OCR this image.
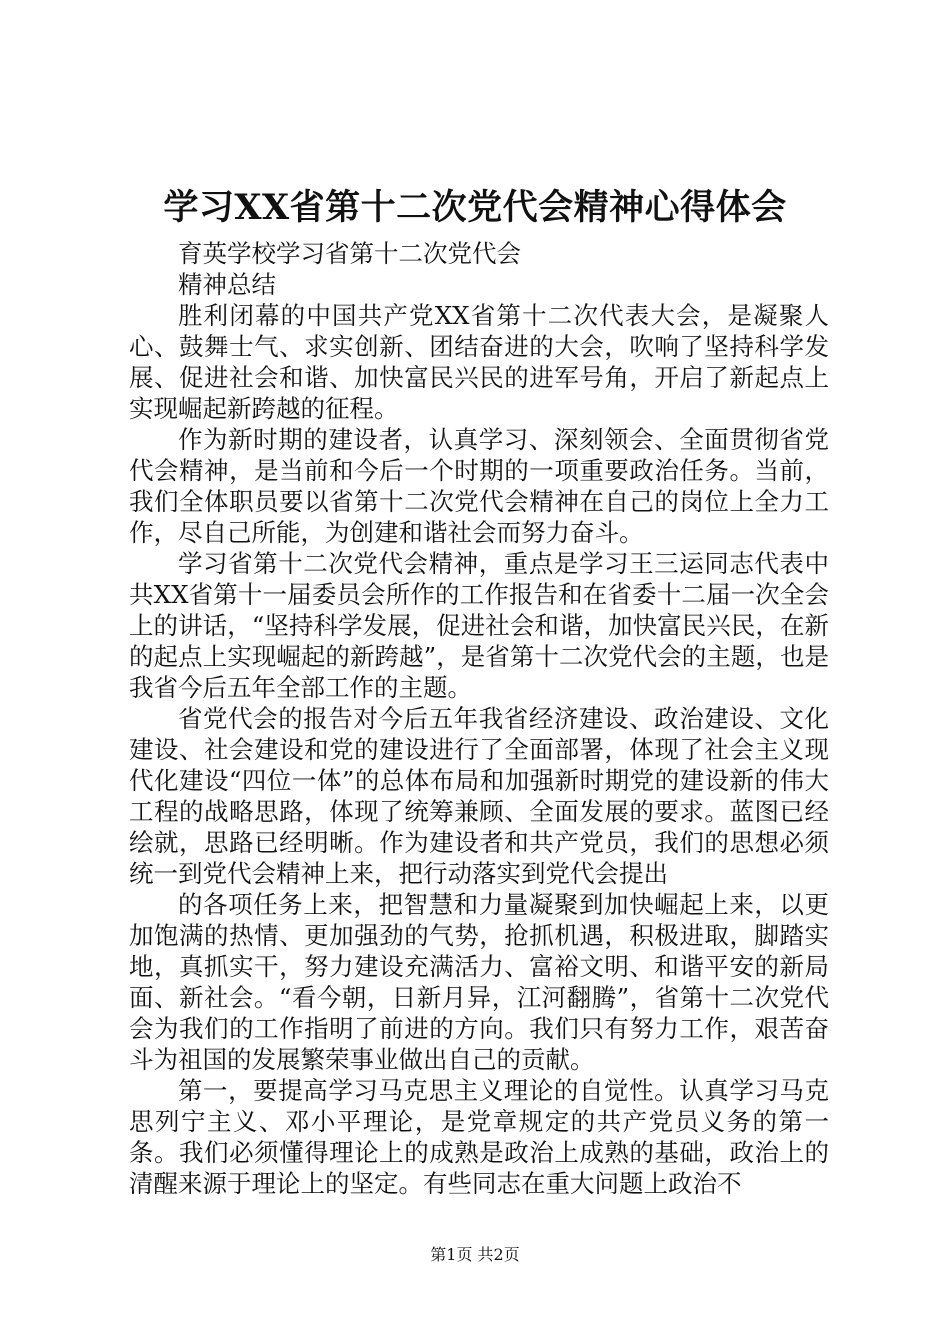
学习XX省第十二次党代会精神心得体会

育英学校学习省第十二次党代会

精神总结

胜利闭幕的中国共产党XX省第十二次代表大会，是凝聚人心、鼓舞士气、求实创新、团结奋进的大会，吹响了坚持科学发展、促进社会和谐、加快富民兴民的进军号角，开启了新起点上实现崛起新跨越的征程。

作为新时期的建设者，认真学习、深刻领会、全面贯彻省党代会精神，是当前和今后一个时期的一项重要政治任务。当前，我们全体职员要以省第十二次党代会精神在自己的岗位上全力工作，尽自己所能，为创建和谐社会而努力奋斗。

学习省第十二次党代会精神，重点是学习王三运同志代表中共XX省第十一届委员会所作的工作报告和在省委十二届一次全会上的讲话，“坚持科学发展，促进社会和谐，加快富民兴民，在新的起点上实现崛起的新跨越”，是省第十二次党代会的主题，也是我省今后五年全部工作的主题。

省党代会的报告对今后五年我省经济建设、政治建设、文化建设、社会建设和党的建设进行了全面部署，体现了社会主义现代化建设“四位一体”的总体布局和加强新时期党的建设新的伟大工程的战略思路，体现了统筹兼顾、全面发展的要求。蓝图已经绘就，思路已经明晰。作为建设者和共产党员，我们的思想必须统一到党代会精神上来，把行动落实到党代会提出

的各项任务上来，把智慧和力量凝聚到加快崛起上来，以更加饱满的热情、更加强劲的气势，抢抓机遇，积极进取，脚踏实地，真抓实干，努力建设充满活力、富裕文明、和谐平安的新局面、新社会。“看今朝，日新月异，江河翻腾”，省第十二次党代会为我们的工作指明了前进的方向。我们只有努力工作，艰苦奋斗为祖国的发展繁荣事业做出自己的贡献。

第一，要提高学习马克思主义理论的自觉性。认真学习马克思列宁主义、邓小平理论，是党章规定的共产党员义务的第一条。我们必须懂得理论上的成熟是政治上成熟的基础，政治上的清醒来源于理论上的坚定。有些同志在重大问题上政治不

第1页 共2页
